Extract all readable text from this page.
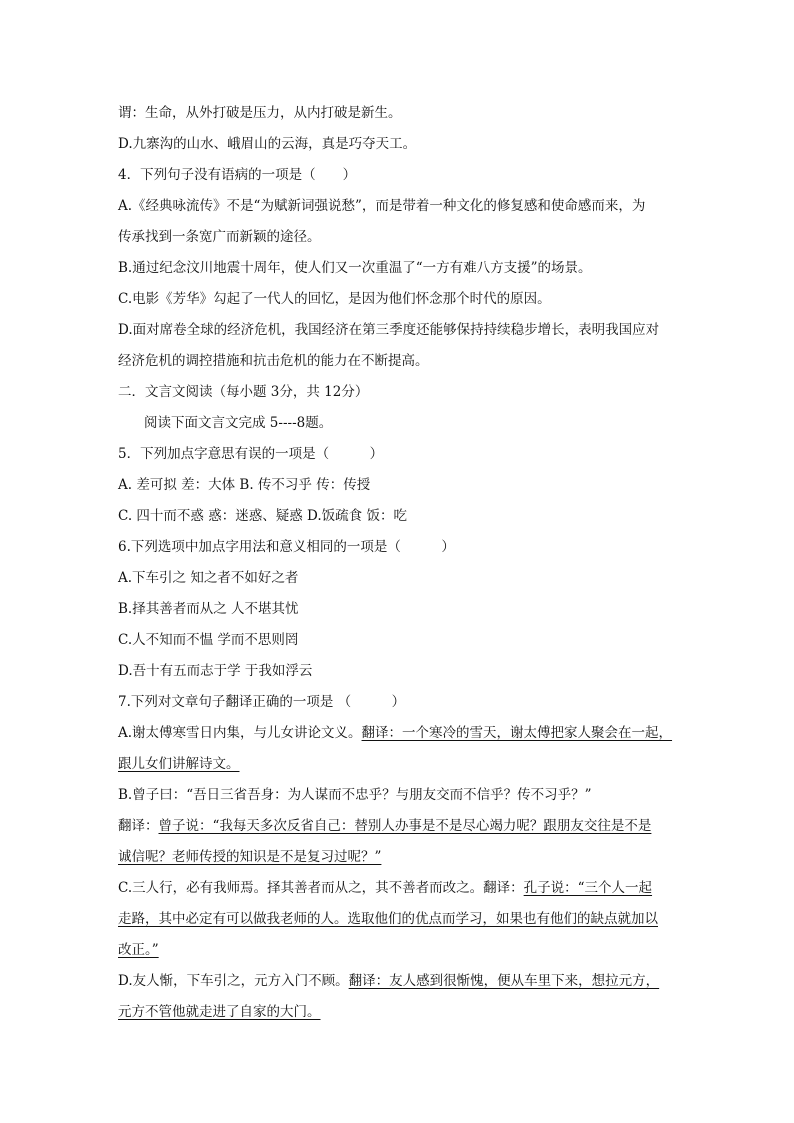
谓：生命，从外打破是压力，从内打破是新生。
D.九寨沟的山水、峨眉山的云海，真是巧夺天工。
4．下列句子没有语病的一项是（　　）
A.《经典咏流传》不是“为赋新词强说愁”，而是带着一种文化的修复感和使命感而来，为
传承找到一条宽广而新颖的途径。
B.通过纪念汶川地震十周年，使人们又一次重温了“一方有难八方支援”的场景。
C.电影《芳华》勾起了一代人的回忆，是因为他们怀念那个时代的原因。
D.面对席卷全球的经济危机，我国经济在第三季度还能够保持持续稳步增长，表明我国应对
经济危机的调控措施和抗击危机的能力在不断提高。
二．文言文阅读（每小题 3分，共 12分）
阅读下面文言文完成 5----8题。
5．下列加点字意思有误的一项是（　　　）
A. 差可拟 差：大体 B. 传不习乎 传：传授
C. 四十而不惑 惑：迷惑、疑惑 D.饭疏食 饭：吃
6.下列选项中加点字用法和意义相同的一项是（　　　）
A.下车引之 知之者不如好之者
B.择其善者而从之 人不堪其忧
C.人不知而不愠 学而不思则罔
D.吾十有五而志于学 于我如浮云
7.下列对文章句子翻译正确的一项是 （　　　）
A.谢太傅寒雪日内集，与儿女讲论文义。翻译：一个寒冷的雪天，谢太傅把家人聚会在一起，
跟儿女们讲解诗文。
B.曾子曰：“吾日三省吾身：为人谋而不忠乎？与朋友交而不信乎？传不习乎？”
翻译：曾子说：“我每天多次反省自己：替别人办事是不是尽心竭力呢？跟朋友交往是不是
诚信呢？老师传授的知识是不是复习过呢？”
C.三人行，必有我师焉。择其善者而从之，其不善者而改之。翻译：孔子说：“三个人一起
走路，其中必定有可以做我老师的人。选取他们的优点而学习，如果也有他们的缺点就加以
改正。”
D.友人惭，下车引之，元方入门不顾。翻译：友人感到很惭愧，便从车里下来，想拉元方，
元方不管他就走进了自家的大门。
